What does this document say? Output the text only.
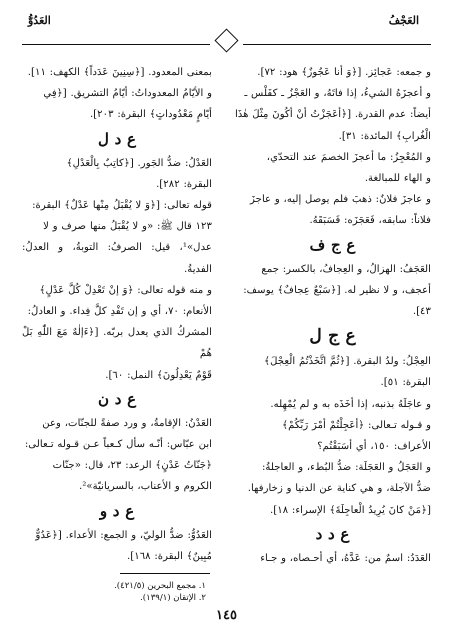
العَجْفُ
العَدُوُّ

و جمعه: عَجائِز. [﴿وَ أنا عَجُوزٌ﴾ هود: ٧٢].

و أعجزَهُ الشيءُ، إذا فاتَهُ، و العَجْزُ ـ كفَلْس ـ

أيضاً: عدم القدرة. [﴿أعَجَزْتُ أنْ أكُونَ مِثْلَ هٰذَا

الْغُرابِ﴾ المائدة: ٣١].

و المُعْجِزُ: ما أعجزَ الخصمَ عند التحدّي،

و الهاء للمبالغة.

و عاجزَ فلانٌ: ذهبَ فلم يوصل إليه، و عاجزَ

فلاناً: سابقه، فَعَجَزَه: فَسَبَقَهُ.

ع ج ف

العَجَفُ: الهزالُ، و العِجافُ، بالكسر: جمع

أعجف، و لا نظير له. [﴿سَبْعٌ عِجافٌ﴾ يوسف:

٤٣].

ع ج ل

العِجْلُ: ولدُ البقرة. [﴿ثُمَّ اتَّخَذْتُمُ الْعِجْلَ﴾

البقرة: ٥١].

و عاجَلَهُ بذنبه، إذا أخَذَه به و لم يُمْهِله.

و قـوله تـعالى: ﴿أعَجِلْتُمْ أمْرَ رَبِّكُمْ﴾

الأعراف: ١٥٠، أي أسَبَقْتُم؟

و العَجَلُ و العَجَلَة: ضدُّ البُطء، و العاجلةُ:

ضدُّ الآجلة، و هي كناية عن الدنيا و زخارفها.

[﴿مَنْ كانَ يُرِيدُ الْعاجِلَةَ﴾ الإسراء: ١٨].

ع د د

العَدَدُ: اسمٌ من: عَدَّهُ، أي أحـصاه، و جـاء

بمعنى المعدود. [﴿سِنِينَ عَدَداً﴾ الكهف: ١١].

و الأيّامُ المعدوداتُ: أيّامُ التشريق. [﴿فِي

أيّامٍ مَعْدُوداتٍ﴾ البقرة: ٢٠٣].

ع د ل

العَدْلُ: ضدُّ الجَور. [﴿كاتِبٌ بِالْعَدْلِ﴾

البقرة: ٢٨٢].

قوله تعالى: [﴿وَ لا يُقْبَلُ مِنْها عَدْلٌ﴾ البقرة:

١٢٣ قال ﷺ: «و لا يُقْبَلُ منها صرف و لا

عدل»¹، قيل: الصرفُ: التوبةُ، و العدلُ: الفديةُ.

و منه قوله تعالى: ﴿وَ إنْ تَعْدِلْ كُلَّ عَدْلٍ﴾

الأنعام: ٧٠، أي و إن تَفْدِ كلَّ فِداء. و العادلُ:

المشركُ الذي يعدل بربّه. [﴿ءَإلٰهٌ مَعَ اللّٰهِ بَلْ هُمْ

قَوْمٌ يَعْدِلُونَ﴾ النمل: ٦٠].

ع د ن

العَدْنُ: الإقامةُ، و ورد صفةً للجنّات، وعن

ابن عبّاس: أنّـه سأل كـعباً عـن قـوله تـعالى:

﴿جَنّاتُ عَدْنٍ﴾ الرعد: ٢٣، قال: «جنّات

الكروم و الأعناب، بالسريانيّة»².

ع د و

العَدُوُّ: ضدُّ الوليّ، و الجمع: الأعداء. [﴿عَدُوٌّ

مُبِينٌ﴾ البقرة: ١٦٨].

١. مجمع البحرين (٤٢١/٥).
٢. الإتقان (١٣٩/١).
١٤٥
